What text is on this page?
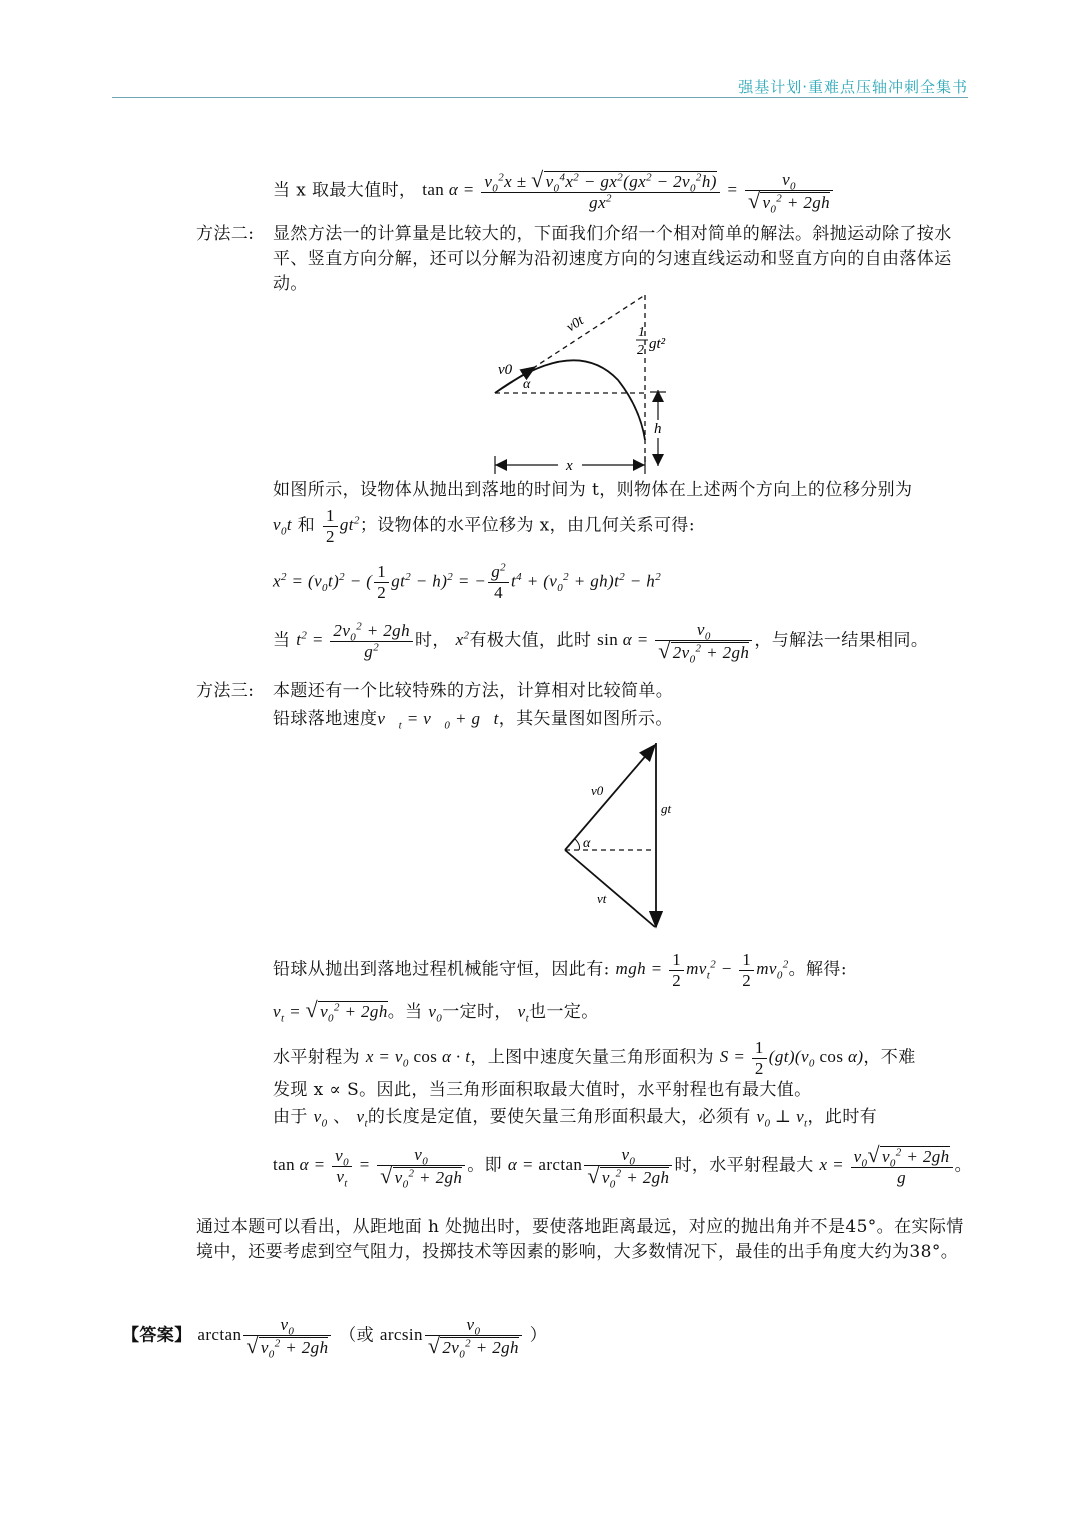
强基计划·重难点压轴冲刺全集书
当 x 取最大值时， $\tan \alpha = \frac{v_0^2x \pm √ v_0^4x^2 - gx^2(gx^2 - 2v_0^2h)}{gx^2} = \frac{v_0}{√ v_0^2 + 2gh}$
方法二: 显然方法一的计算量是比较大的，下面我们介绍一个相对简单的解法。斜抛运动除了按水平、竖直方向分解，还可以分解为沿初速度方向的匀速直线运动和竖直方向的自由落体运动。
v0
α
v0t	1
2 gt²
h
x
如图所示，设物体从抛出到落地的时间为 t，则物体在上述两个方向上的位移分别为
$v_0t$ 和 $\frac{1}{2} gt^2$；设物体的水平位移为 x，由几何关系可得:
$x^2 = (v_0t)^2$ − ( $\frac{1}{2} gt^2 - h)^2$ = − $\frac{g^2}{4} t^4 + (v_0^2 + gh)t^2 - h^2$
当 $t^2 = \frac{2v_0^2 + 2gh}{g^2}$ 时， $x^2$有极大值，此时 $\sin \alpha = \frac{v_0}{√ 2v_0^2 + 2gh}$ ，与解法一结果相同。
方法三: 本题还有一个比较特殊的方法，计算相对比较简单。
铅球落地速度$v⃗_t$ = $v⃗_0$ + g⃗t，其矢量图如图所示。
v0
gt
α
vt
铅球从抛出到落地过程机械能守恒，因此有: mgh = $\frac{1}{2} mv_t^2 - \frac{1}{2} mv_0^2$。解得:
$v_t$ = √ $v_0^2 + 2gh$。当 $v_0$一定时， $v_t$也一定。
水平射程为 $x = v_0$ cos α · t，上图中速度矢量三角形面积为 $S = \frac{1}{2} (gt)(v_0$ cos α)，不难
发现 x ∝ S。因此，当三角形面积取最大值时，水平射程也有最大值。
由于 $v_0$ 、 $v_t$的长度是定值，要使矢量三角形面积最大，必须有 $v_0$ ⊥ $v_t$，此时有
$\tan \alpha = \frac{v_0}{v_t} = \frac{v_0}{√ v_0^2 + 2gh}$ 。即 $\alpha = \arctan \frac{v_0}{√ v_0^2 + 2gh}$ 时，水平射程最大 $x = \frac{v_0√ v_0^2 + 2gh}{g}$ 。
通过本题可以看出，从距地面 h 处抛出时，要使落地距离最远，对应的抛出角并不是45°。在实际情境中，还要考虑到空气阻力，投掷技术等因素的影响，大多数情况下，最佳的出手角度大约为38°。
【答案】 $\arctan \frac{v_0}{√ v_0^2 + 2gh}$ （或 $\arcsin \frac{v_0}{√ 2v_0^2 + 2gh}$ ）
